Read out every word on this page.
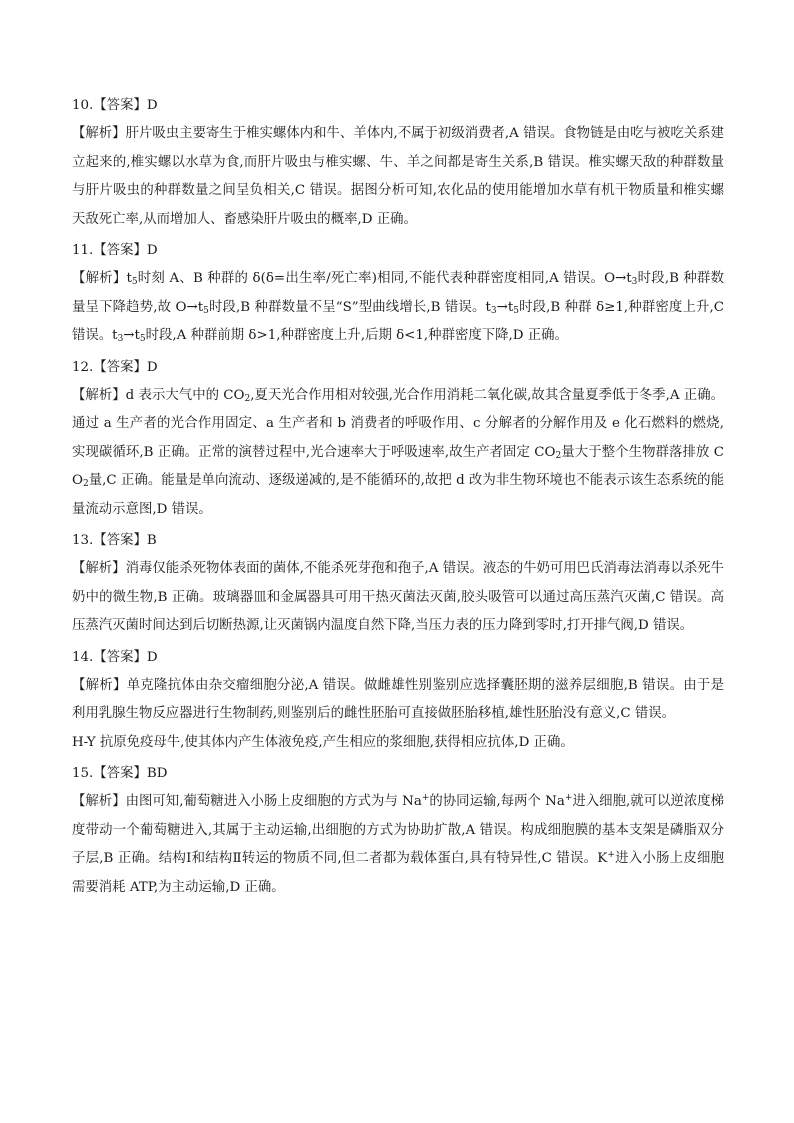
10.【答案】D
【解析】肝片吸虫主要寄生于椎实螺体内和牛、羊体内,不属于初级消费者,A 错误。食物链是由吃与被吃关系建立起来的,椎实螺以水草为食,而肝片吸虫与椎实螺、牛、羊之间都是寄生关系,B 错误。椎实螺天敌的种群数量与肝片吸虫的种群数量之间呈负相关,C 错误。据图分析可知,农化品的使用能增加水草有机干物质量和椎实螺天敌死亡率,从而增加人、畜感染肝片吸虫的概率,D 正确。
11.【答案】D
【解析】$t_5$时刻 A、B 种群的 δ(δ=出生率/死亡率)相同,不能代表种群密度相同,A 错误。$O\to t_3$时段,B 种群数量呈下降趋势,故 $O\to t_5$时段,B 种群数量不呈“S”型曲线增长,B 错误。$t_3\to t_5$时段,B 种群 δ≥1,种群密度上升,C 错误。$t_3\to t_5$时段,A 种群前期 δ>1,种群密度上升,后期 δ<1,种群密度下降,D 正确。
12.【答案】D
【解析】d 表示大气中的 $CO_2$,夏天光合作用相对较强,光合作用消耗二氧化碳,故其含量夏季低于冬季,A 正确。通过 a 生产者的光合作用固定、a 生产者和 b 消费者的呼吸作用、c 分解者的分解作用及 e 化石燃料的燃烧,实现碳循环,B 正确。正常的演替过程中,光合速率大于呼吸速率,故生产者固定 $CO_2$量大于整个生物群落排放 $CO_2$量,C 正确。能量是单向流动、逐级递减的,是不能循环的,故把 d 改为非生物环境也不能表示该生态系统的能量流动示意图,D 错误。
13.【答案】B
【解析】消毒仅能杀死物体表面的菌体,不能杀死芽孢和孢子,A 错误。液态的牛奶可用巴氏消毒法消毒以杀死牛奶中的微生物,B 正确。玻璃器皿和金属器具可用干热灭菌法灭菌,胶头吸管可以通过高压蒸汽灭菌,C 错误。高压蒸汽灭菌时间达到后切断热源,让灭菌锅内温度自然下降,当压力表的压力降到零时,打开排气阀,D 错误。
14.【答案】D
【解析】单克隆抗体由杂交瘤细胞分泌,A 错误。做雌雄性别鉴别应选择囊胚期的滋养层细胞,B 错误。由于是利用乳腺生物反应器进行生物制药,则鉴别后的雌性胚胎可直接做胚胎移植,雄性胚胎没有意义,C 错误。
H-Y 抗原免疫母牛,使其体内产生体液免疫,产生相应的浆细胞,获得相应抗体,D 正确。
15.【答案】BD
【解析】由图可知,葡萄糖进入小肠上皮细胞的方式为与 Na+的协同运输,每两个 Na+进入细胞,就可以逆浓度梯度带动一个葡萄糖进入,其属于主动运输,出细胞的方式为协助扩散,A 错误。构成细胞膜的基本支架是磷脂双分子层,B 正确。结构Ⅰ和结构Ⅱ转运的物质不同,但二者都为载体蛋白,具有特异性,C 错误。K+进入小肠上皮细胞需要消耗 ATP,为主动运输,D 正确。
